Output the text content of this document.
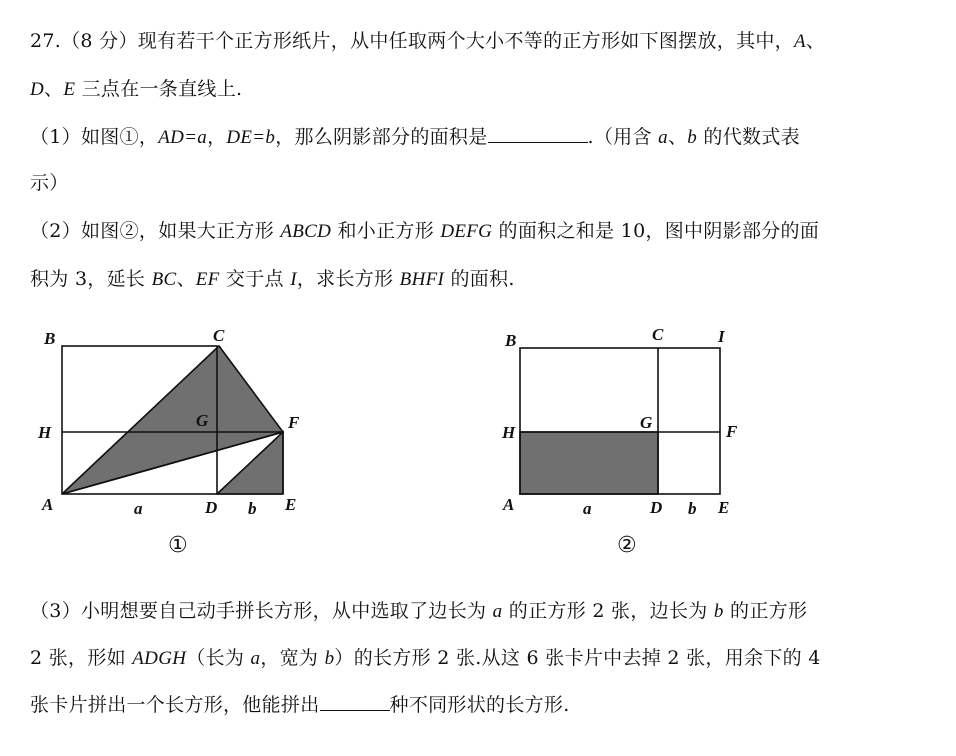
27.（8 分）现有若干个正方形纸片，从中任取两个大小不等的正方形如下图摆放，其中，A、
D、E 三点在一条直线上.
（1）如图①，AD=a，DE=b，那么阴影部分的面积是	.（用含 a、b 的代数式表
示）
（2）如图②，如果大正方形 ABCD 和小正方形 DEFG 的面积之和是 10，图中阴影部分的面
积为 3，延长 BC、EF 交于点 I，求长方形 BHFI 的面积.
B	C
H
G	F
A	D	E
a	b
①
B	C	I
H
G	F
A	D	E
a	b
②
（3）小明想要自己动手拼长方形，从中选取了边长为 a 的正方形 2 张，边长为 b 的正方形
2 张，形如 ADGH（长为 a，宽为 b）的长方形 2 张.从这 6 张卡片中去掉 2 张，用余下的 4
张卡片拼出一个长方形，他能拼出	种不同形状的长方形.
